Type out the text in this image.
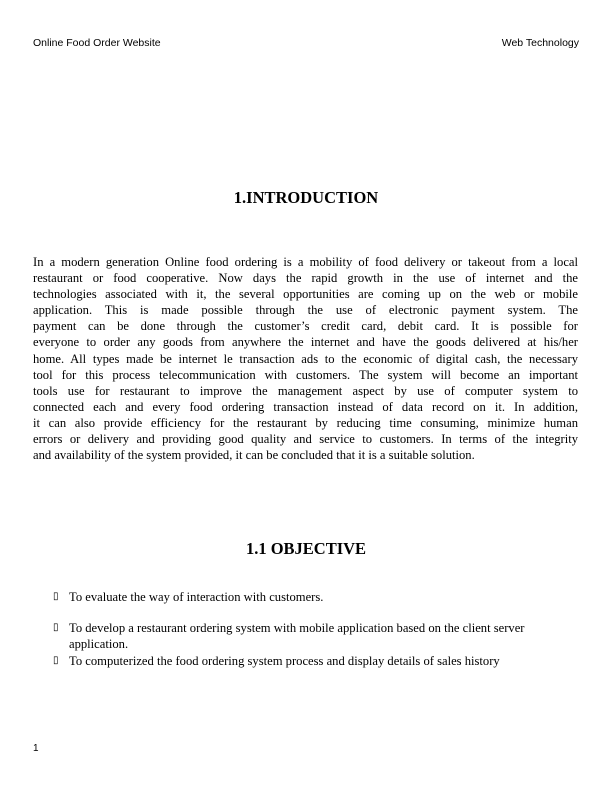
Online Food Order Website	Web Technology
1.INTRODUCTION
In a modern generation Online food ordering is a mobility of food delivery or takeout from a local
restaurant or food cooperative. Now days the rapid growth in the use of internet and the
technologies associated with it, the several opportunities are coming up on the web or mobile
application. This is made possible through the use of electronic payment system. The
payment can be done through the customer’s credit card, debit card. It is possible for
everyone to order any goods from anywhere the internet and have the goods delivered at his/her
home. All types made be internet le transaction ads to the economic of digital cash, the necessary
tool for this process telecommunication with customers. The system will become an important
tools use for restaurant to improve the management aspect by use of computer system to
connected each and every food ordering transaction instead of data record on it. In addition,
it can also provide efficiency for the restaurant by reducing time consuming, minimize human
errors or delivery and providing good quality and service to customers. In terms of the integrity
and availability of the system provided, it can be concluded that it is a suitable solution.
1.1 OBJECTIVE
▯ To evaluate the way of interaction with customers.
▯ To develop a restaurant ordering system with mobile application based on the client server application.
▯ To computerized the food ordering system process and display details of sales history
1
